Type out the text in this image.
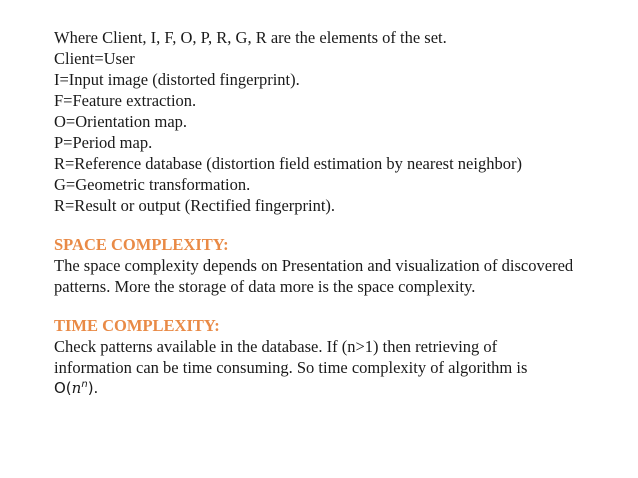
Where Client, I, F, O, P, R, G, R are the elements of the set.
Client=User
I=Input image (distorted fingerprint).
F=Feature extraction.
O=Orientation map.
P=Period map.
R=Reference database (distortion field estimation by nearest neighbor)
G=Geometric transformation.
R=Result or output (Rectified fingerprint).
SPACE COMPLEXITY:
The space complexity depends on Presentation and visualization of discovered
patterns. More the storage of data more is the space complexity.
TIME COMPLEXITY:
Check patterns available in the database. If (n>1) then retrieving of
information can be time consuming. So time complexity of algorithm is
$O(n^n)$.
